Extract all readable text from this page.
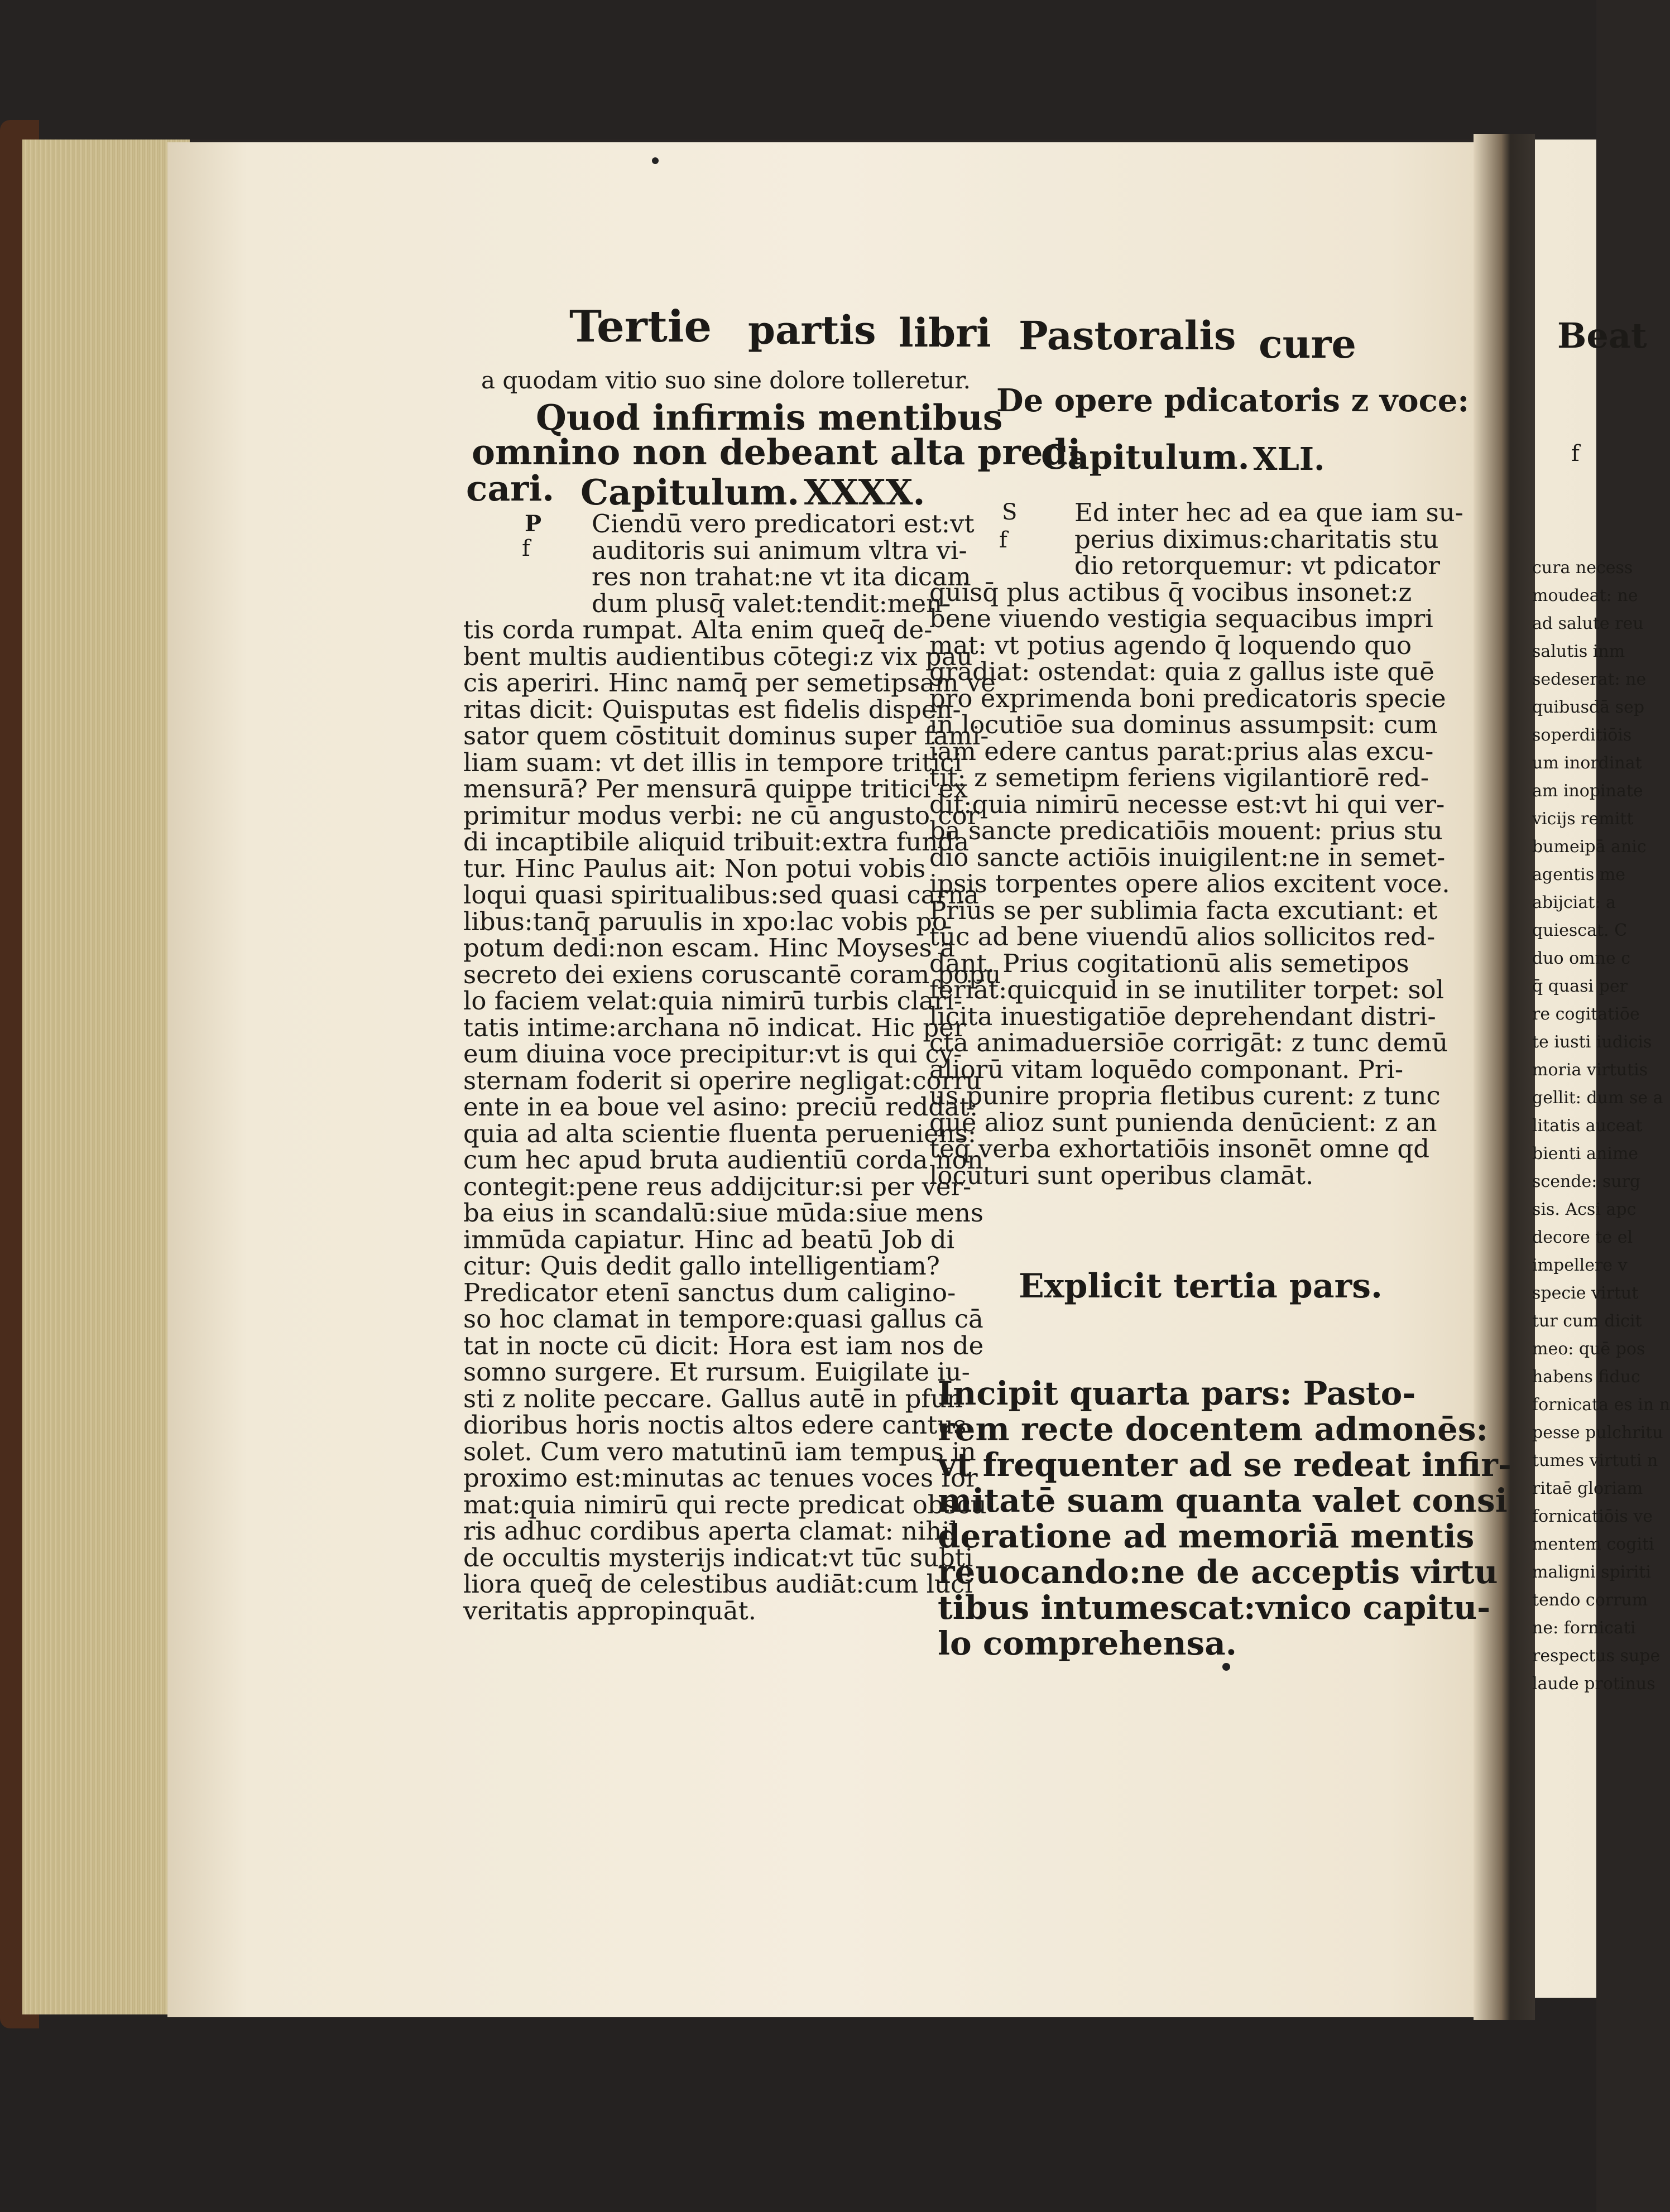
Tertie partis libri Pastoralis cure
a quodam vitio suo sine dolore tolleretur.
Quod infirmis mentibus
omnino non debeant alta predi
cari. Capitulum. XXXX.
f
P Ciendū vero predicatori est:vt
auditoris sui animum vltra vi-
res non trahat:ne vt ita dicam
dum plusq̄ valet:tendit:men-
tis corda rumpat. Alta enim queq̄ de-
bent multis audientibus cōtegi:z vix pau
cis aperiri. Hinc namq̄ per semetipsam ve
ritas dicit: Quisputas est fidelis dispen-
sator quem cōstituit dominus super fami-
liam suam: vt det illis in tempore tritici
mensurā? Per mensurā quippe tritici ex
primitur modus verbi: ne cū angusto cor
di incaptibile aliquid tribuit:extra funda
tur. Hinc Paulus ait: Non potui vobis
loqui quasi spiritualibus:sed quasi carna
libus:tanq̄ paruulis in xpo:lac vobis po
potum dedi:non escam. Hinc Moyses a
secreto dei exiens coruscantē coram popu
lo faciem velat:quia nimirū turbis clari-
tatis intime:archana nō indicat. Hic per
eum diuina voce precipitur:vt is qui cy-
sternam foderit si operire negligat:corru
ente in ea boue vel asino: preciū reddat:
quia ad alta scientie fluenta perueniens:
cum hec apud bruta audientiū corda non
contegit:pene reus addijcitur:si per ver-
ba eius in scandalū:siue mūda:siue mens
immūda capiatur. Hinc ad beatū Job di
citur: Quis dedit gallo intelligentiam?
Predicator etenī sanctus dum caligino-
so hoc clamat in tempore:quasi gallus cā
tat in nocte cū dicit: Hora est iam nos de
somno surgere. Et rursum. Euigilate iu-
sti z nolite peccare. Gallus autē in pfun
dioribus horis noctis altos edere cantus
solet. Cum vero matutinū iam tempus in
proximo est:minutas ac tenues voces for
mat:quia nimirū qui recte predicat obscu
ris adhuc cordibus aperta clamat: nihil
de occultis mysterijs indicat:vt tūc subti
liora queq̄ de celestibus audiāt:cum luci
veritatis appropinquāt.
De opere pdicatoris z voce:
Capitulum. XLI.
f
S Ed inter hec ad ea que iam su-
perius diximus:charitatis stu
dio retorquemur: vt pdicator
quisq̄ plus actibus q̄ vocibus insonet:z
bene viuendo vestigia sequacibus impri
mat: vt potius agendo q̄ loquendo quo
gradiat: ostendat: quia z gallus iste quē
pro exprimenda boni predicatoris specie
in locutiōe sua dominus assumpsit: cum
iam edere cantus parat:prius alas excu-
tit: z semetipm feriens vigilantiorē red-
dit:quia nimirū necesse est:vt hi qui ver-
ba sancte predicatiōis mouent: prius stu
dio sancte actiōis inuigilent:ne in semet-
ipsis torpentes opere alios excitent voce.
Prius se per sublimia facta excutiant: et
tūc ad bene viuendū alios sollicitos red-
dant. Prius cogitationū alis semetipos
feriāt:quicquid in se inutiliter torpet: sol
licita inuestigatiōe deprehendant distri-
cta animaduersiōe corrigāt: z tunc demū
aliorū vitam loquēdo componant. Pri-
us punire propria fletibus curent: z tunc
que alioz sunt punienda denūcient: z an
teq̄ verba exhortatiōis insonēt omne qd
locuturi sunt operibus clamāt.
Explicit tertia pars.
Incipit quarta pars: Pasto-
rem recte docentem admonēs:
vt frequenter ad se redeat infir-
mitatē suam quanta valet consi
deratione ad memoriā mentis
reuocando:ne de acceptis virtu
tibus intumescat:vnico capitu-
lo comprehensa.
Beat
f
cura necess
moudeat: ne
ad salute reu
salutis inm
sedeserat: ne
quibusdā sep
soperditiōis
um inordinat
am inopinate
vicijs remitt
bumeipā anic
agentis me
abijciat: a
quiescat. C
duo omne c
q̄ quasi per
re cogitatiōe
te iusti iudicis
moria virtutis
gellit: dum se a
litatis auceat
bienti anime
scende: surg
sis. Acsi apc
decore te el
impellere v
specie virtut
tur cum dicit
meo: quē pos
habens fiduc
fornicata es in n
pesse pulchritu
tumes virtuti n
ritaē gloriam
fornicatiōis ve
mentem cogiti
maligni spiriti
tendo corrum
ne: fornicati
respectus supe
laude protinus
